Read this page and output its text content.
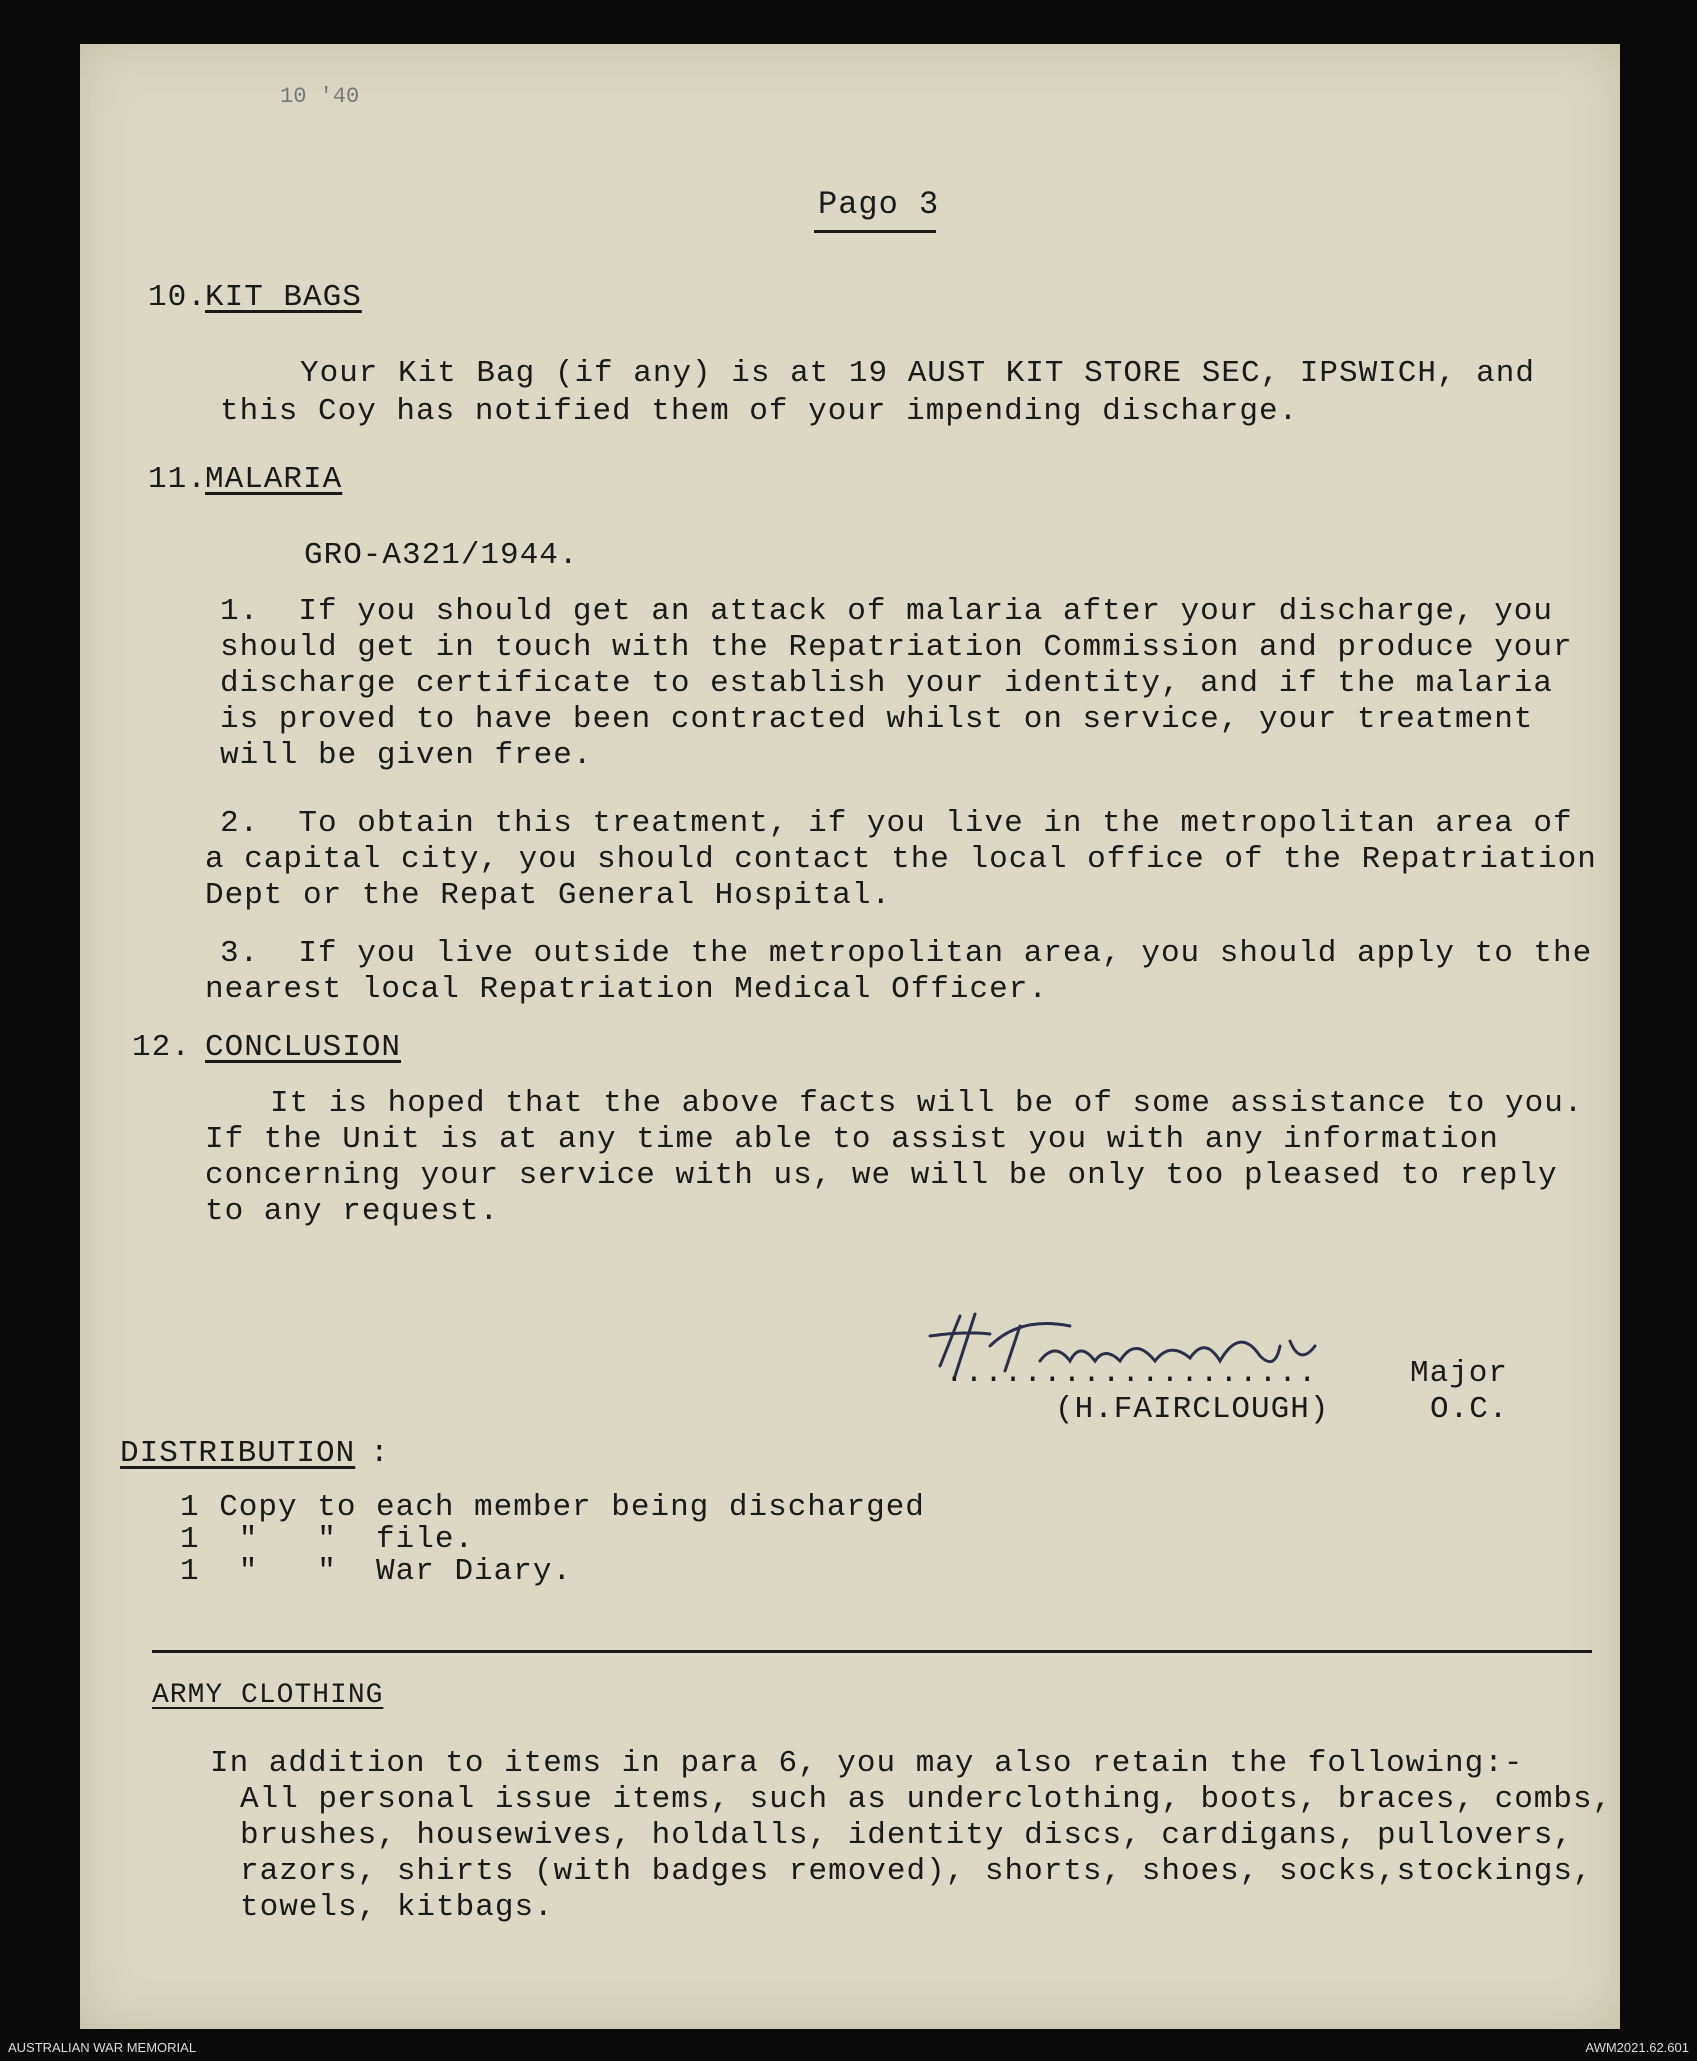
10 '40
Pago 3
10.
KIT BAGS
Your Kit Bag (if any) is at 19 AUST KIT STORE SEC, IPSWICH, and
this Coy has notified them of your impending discharge.
11.
MALARIA
GRO-A321/1944.
1.  If you should get an attack of malaria after your discharge, you
should get in touch with the Repatriation Commission and produce your
discharge certificate to establish your identity, and if the malaria
is proved to have been contracted whilst on service, your treatment
will be given free.
2.  To obtain this treatment, if you live in the metropolitan area of
a capital city, you should contact the local office of the Repatriation
Dept or the Repat General Hospital.
3.  If you live outside the metropolitan area, you should apply to the
nearest local Repatriation Medical Officer.
12. CONCLUSION
It is hoped that the above facts will be of some assistance to you.
If the Unit is at any time able to assist you with any information
concerning your service with us, we will be only too pleased to reply
to any request.
...................	Major
(H.FAIRCLOUGH)	O.C.
DISTRIBUTION :
1 Copy to each member being discharged
1  "   "  file.
1  "   "  War Diary.
ARMY CLOTHING
In addition to items in para 6, you may also retain the following:-
All personal issue items, such as underclothing, boots, braces, combs,
brushes, housewives, holdalls, identity discs, cardigans, pullovers,
razors, shirts (with badges removed), shorts, shoes, socks,stockings,
towels, kitbags.
AUSTRALIAN WAR MEMORIAL	AWM2021.62.601
